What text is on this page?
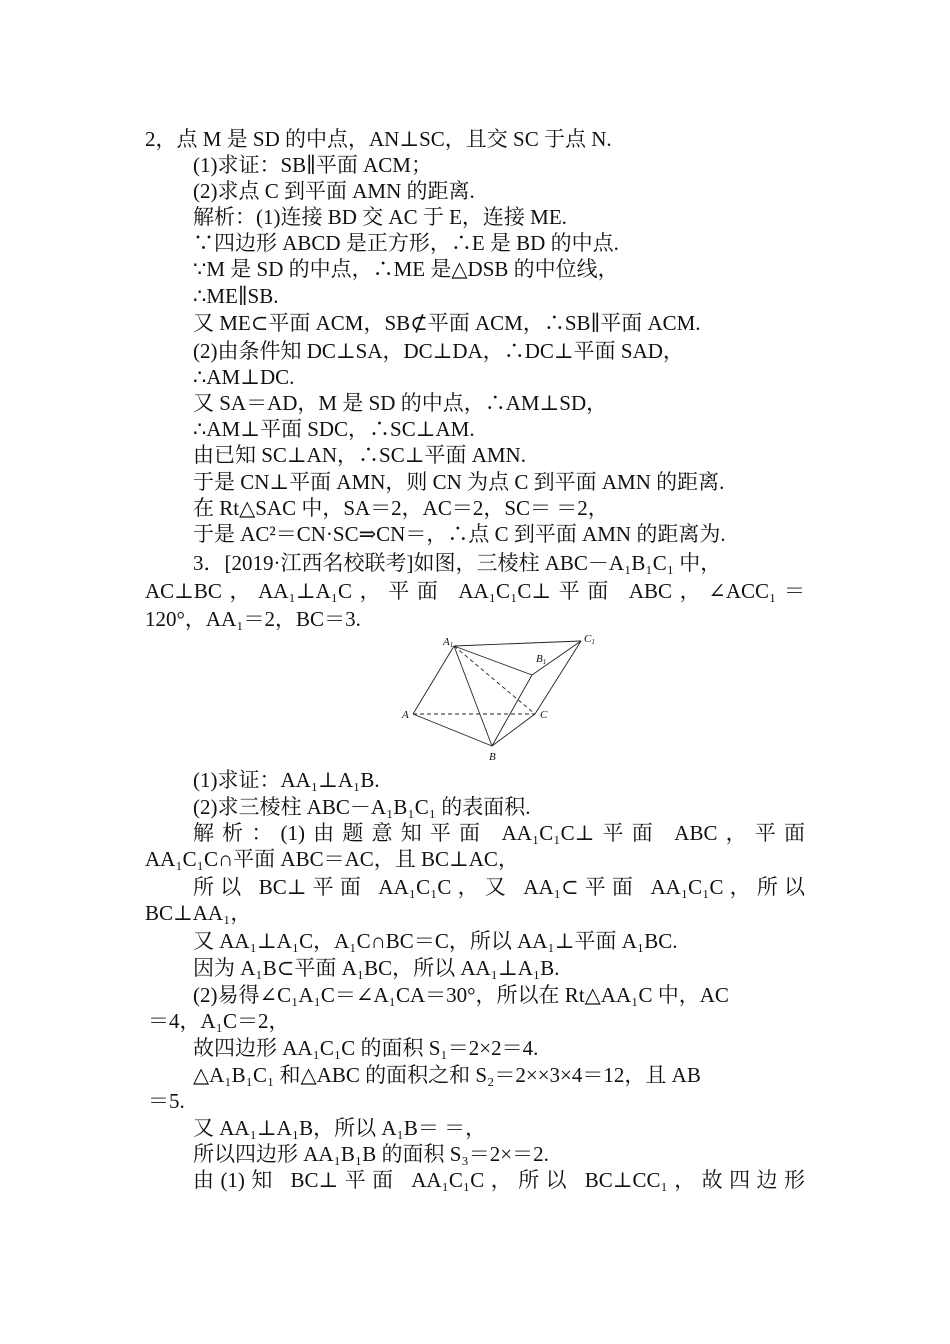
2，点 M 是 SD 的中点，AN⊥SC，且交 SC 于点 N.
(1)求证：SB∥平面 ACM；
(2)求点 C 到平面 AMN 的距离.
解析：(1)连接 BD 交 AC 于 E，连接 ME.
∵四边形 ABCD 是正方形，∴E 是 BD 的中点.
∵M 是 SD 的中点，∴ME 是△DSB 的中位线，
∴ME∥SB.
又 ME⊂平面 ACM，SB⊄平面 ACM，∴SB∥平面 ACM.
(2)由条件知 DC⊥SA，DC⊥DA，∴DC⊥平面 SAD，
∴AM⊥DC.
又 SA＝AD，M 是 SD 的中点，∴AM⊥SD，
∴AM⊥平面 SDC，∴SC⊥AM.
由已知 SC⊥AN，∴SC⊥平面 AMN.
于是 CN⊥平面 AMN，则 CN 为点 C 到平面 AMN 的距离.
在 Rt△SAC 中，SA＝2，AC＝2，SC＝ ＝2，
于是 AC²＝CN·SC⇒CN＝，∴点 C 到平面 AMN 的距离为.
3．[2019·江西名校联考]如图，三棱柱 ABC－A₁B₁C₁ 中，
AC⊥BC，AA₁⊥A₁C，平面 AA₁C₁C⊥平面 ABC，∠ACC₁＝
120°，AA₁＝2，BC＝3.
A1	C1
B1
A	C
B
(1)求证：AA₁⊥A₁B.
(2)求三棱柱 ABC－A₁B₁C₁ 的表面积.
解析：(1)由题意知平面 AA₁C₁C⊥平面 ABC，平面
AA₁C₁C∩平面 ABC＝AC，且 BC⊥AC，
所以 BC⊥平面 AA₁C₁C，又 AA₁⊂平面 AA₁C₁C，所以
BC⊥AA₁，
又 AA₁⊥A₁C，A₁C∩BC＝C，所以 AA₁⊥平面 A₁BC.
因为 A₁B⊂平面 A₁BC，所以 AA₁⊥A₁B.
(2)易得∠C₁A₁C＝∠A₁CA＝30°，所以在 Rt△AA₁C 中，AC
＝4，A₁C＝2，
故四边形 AA₁C₁C 的面积 S₁＝2×2＝4.
△A₁B₁C₁ 和△ABC 的面积之和 S₂＝2××3×4＝12，且 AB
＝5.
又 AA₁⊥A₁B，所以 A₁B＝ ＝，
所以四边形 AA₁B₁B 的面积 S₃＝2×＝2.
由(1)知 BC⊥平面 AA₁C₁C，所以 BC⊥CC₁，故四边形
